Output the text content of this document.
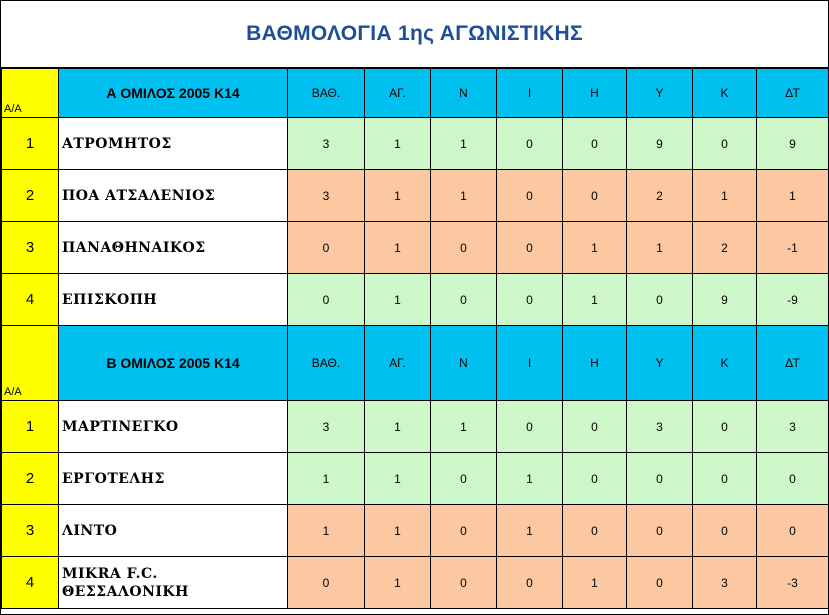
ΒΑΘΜΟΛΟΓΙΑ 1ης ΑΓΩΝΙΣΤΙΚΗΣ
Α/Α	Α ΟΜΙΛΟΣ 2005 Κ14	ΒΑΘ.	ΑΓ.	Ν	Ι	Η	Υ	Κ	ΔΤ
1	ΑΤΡΟΜΗΤΟΣ	3	1	1	0	0	9	0	9
2	ΠΟΑ ΑΤΣΑΛΕΝΙΟΣ	3	1	1	0	0	2	1	1
3	ΠΑΝΑΘΗΝΑΙΚΟΣ	0	1	0	0	1	1	2	-1
4	ΕΠΙΣΚΟΠΗ	0	1	0	0	1	0	9	-9
Α/Α	Β ΟΜΙΛΟΣ 2005 Κ14	ΒΑΘ.	ΑΓ.	Ν	Ι	Η	Υ	Κ	ΔΤ
1	ΜΑΡΤΙΝΕΓΚΟ	3	1	1	0	0	3	0	3
2	ΕΡΓΟΤΕΛΗΣ	1	1	0	1	0	0	0	0
3	ΛΙΝΤΟ	1	1	0	1	0	0	0	0
4	MIKRA F.C. ΘΕΣΣΑΛΟΝΙΚΗ	0	1	0	0	1	0	3	-3
